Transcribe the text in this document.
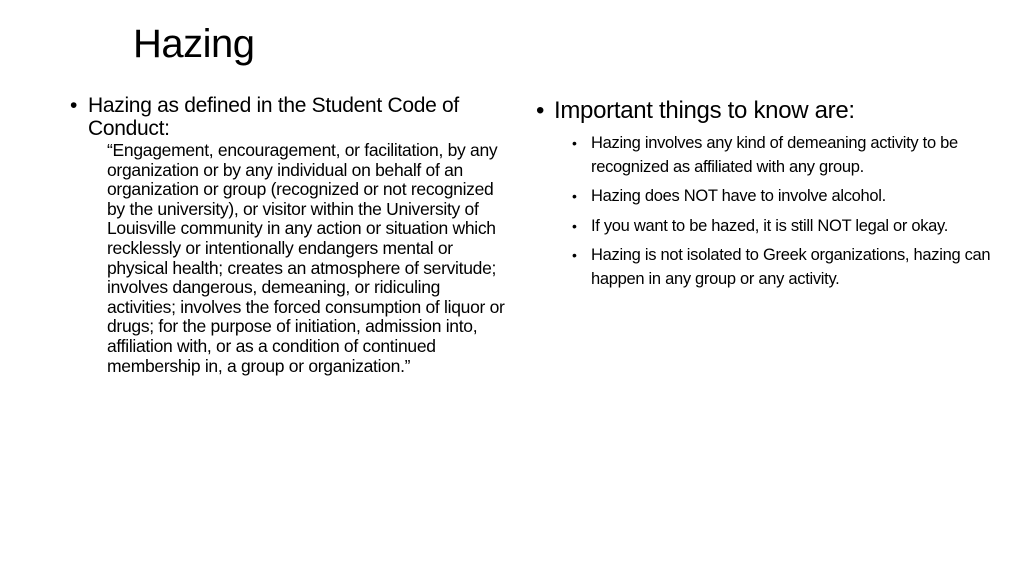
Hazing
• Hazing as defined in the Student Code of Conduct:
“Engagement, encouragement, or facilitation, by any organization or by any individual on behalf of an organization or group (recognized or not recognized by the university), or visitor within the University of Louisville community in any action or situation which recklessly or intentionally endangers mental or physical health; creates an atmosphere of servitude; involves dangerous, demeaning, or ridiculing activities; involves the forced consumption of liquor or drugs; for the purpose of initiation, admission into, affiliation with, or as a condition of continued membership in, a group or organization.”
• Important things to know are:
• Hazing involves any kind of demeaning activity to be recognized as affiliated with any group.
• Hazing does NOT have to involve alcohol.
• If you want to be hazed, it is still NOT legal or okay.
• Hazing is not isolated to Greek organizations, hazing can happen in any group or any activity.
